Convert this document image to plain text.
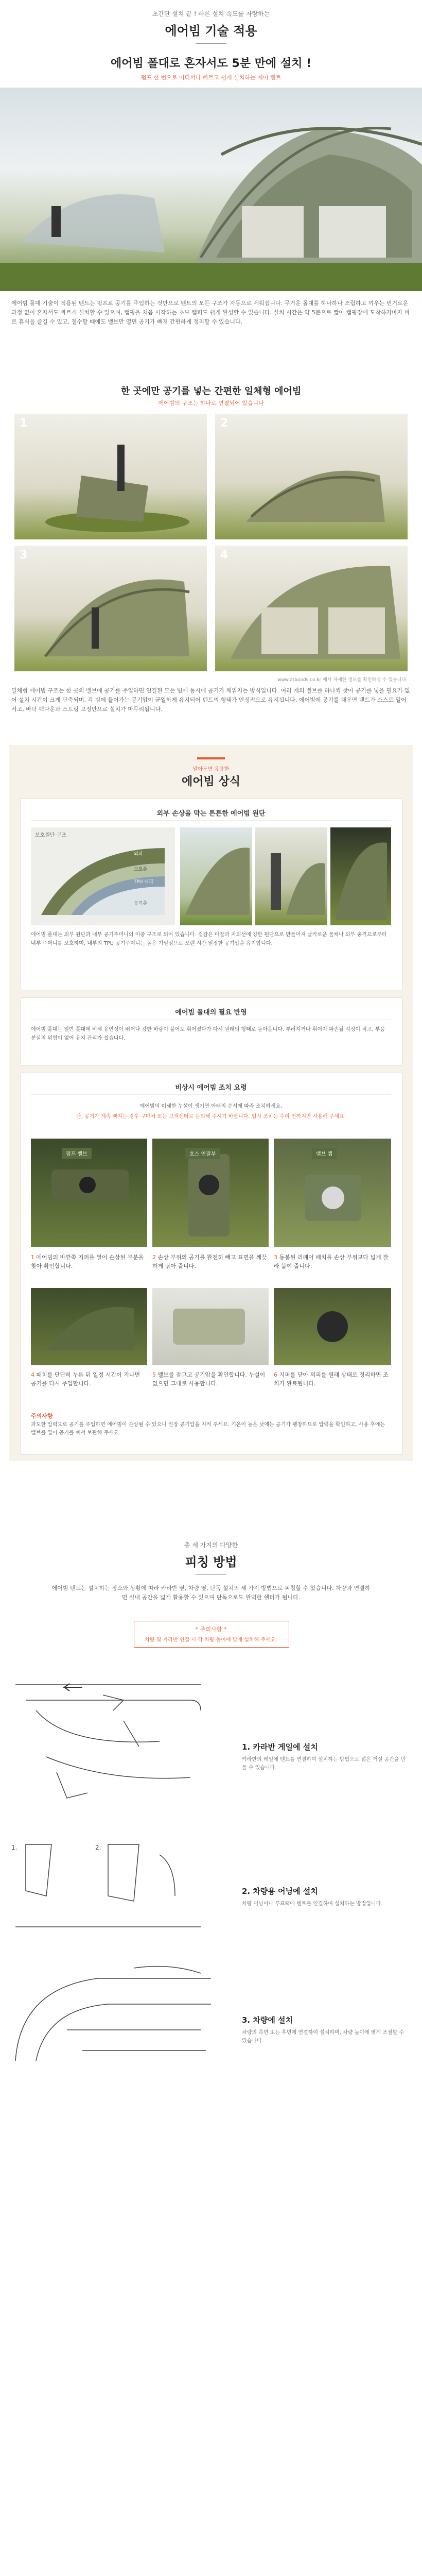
초간단 설치 끝 ! 빠른 설치 속도를 자랑하는
에어빔 기술 적용
에어빔 폴대로 혼자서도 5분 만에 설치 !
펌프 한 번으로 어디서나 빠르고 쉽게 설치하는 에어 텐트
에어빔 폴대 기술이 적용된 텐트는 펌프로 공기를 주입하는 것만으로 텐트의 모든 구조가 자동으로 세워집니다. 무거운 폴대를 하나하나 조립하고 끼우는 번거로운 과정 없이 혼자서도 빠르게 설치할 수 있으며, 캠핑을 처음 시작하는 초보 캠퍼도 쉽게 완성할 수 있습니다. 설치 시간은 약 5분으로 짧아 캠핑장에 도착하자마자 바로 휴식을 즐길 수 있고, 철수할 때에도 밸브만 열면 공기가 빠져 간편하게 정리할 수 있습니다.
한 곳에만 공기를 넣는 간편한 일체형 에어빔
에어빔의 구조는 하나로 연결되어 있습니다
1	2
3	4
www.atboods.co.kr 에서 자세한 정보를 확인하실 수 있습니다.
일체형 에어빔 구조는 한 곳의 밸브에 공기를 주입하면 연결된 모든 빔에 동시에 공기가 채워지는 방식입니다. 여러 개의 밸브를 하나씩 찾아 공기를 넣을 필요가 없어 설치 시간이 크게 단축되며, 각 빔에 들어가는 공기압이 균일하게 유지되어 텐트의 형태가 안정적으로 유지됩니다. 에어빔에 공기를 채우면 텐트가 스스로 일어서고, 바닥 팩다운과 스트링 고정만으로 설치가 마무리됩니다.
알아두면 유용한
에어빔 상식
외부 손상을 막는 튼튼한 에어빔 원단
보호원단 구조
외피
보호층
TPU 내피
공기층
에어빔 폴대는 외부 원단과 내부 공기주머니의 이중 구조로 되어 있습니다. 겉감은 마찰과 자외선에 강한 원단으로 만들어져 날카로운 물체나 외부 충격으로부터 내부 주머니를 보호하며, 내부의 TPU 공기주머니는 높은 기밀성으로 오랜 시간 일정한 공기압을 유지합니다.
에어빔 폴대의 필요 반영
에어빔 폴대는 일반 폴대에 비해 유연성이 뛰어나 강한 바람이 불어도 휘어졌다가 다시 원래의 형태로 돌아옵니다. 부러지거나 휘어져 파손될 걱정이 적고, 부품 분실의 위험이 없어 유지 관리가 쉽습니다.
비상시 에어빔 조치 요령
에어빔의 미세한 누설이 생기면 아래의 순서에 따라 조치하세요.
단, 공기가 계속 빠지는 경우 구매처 또는 고객센터로 문의해 주시기 바랍니다. 임시 조치는 수리 전까지만 사용해 주세요.
펌프 밸브	호스 연결부	밸브 캡
1 에어빔의 바깥쪽 지퍼를 열어 손상된 부분을 찾아 확인합니다.
2 손상 부위의 공기를 완전히 빼고 표면을 깨끗하게 닦아 줍니다.
3 동봉된 리페어 패치를 손상 부위보다 넓게 잘라 붙여 줍니다.
4 패치를 단단히 누른 뒤 일정 시간이 지나면 공기를 다시 주입합니다.
5 밸브를 잠그고 공기압을 확인합니다. 누설이 없으면 그대로 사용합니다.
6 지퍼를 닫아 외피를 원래 상태로 정리하면 조치가 완료됩니다.
주의사항
과도한 압력으로 공기를 주입하면 에어빔이 손상될 수 있으니 권장 공기압을 지켜 주세요. 기온이 높은 낮에는 공기가 팽창하므로 압력을 확인하고, 사용 후에는 밸브를 열어 공기를 빼서 보관해 주세요.
총 세 가지의 다양한
피칭 방법
에어빔 텐트는 설치하는 장소와 상황에 따라 카라반 옆, 차량 옆, 단독 설치의 세 가지 방법으로 피칭할 수 있습니다. 차량과 연결하면 실내 공간을 넓게 활용할 수 있으며 단독으로도 완벽한 쉘터가 됩니다.
* 주의사항 *
차량 및 카라반 연결 시 각 차량 높이에 맞게 설치해 주세요.
1. 카라반 게일에 설치
카라반의 레일에 텐트를 연결하여 설치하는 방법으로 넓은 거실 공간을 만들 수 있습니다.
1.	2.
2. 차량용 어닝에 설치
차량 어닝이나 루프랙에 텐트를 연결하여 설치하는 방법입니다.
3. 차량에 설치
차량의 측면 또는 후면에 연결하여 설치하며, 차량 높이에 맞게 조절할 수 있습니다.
